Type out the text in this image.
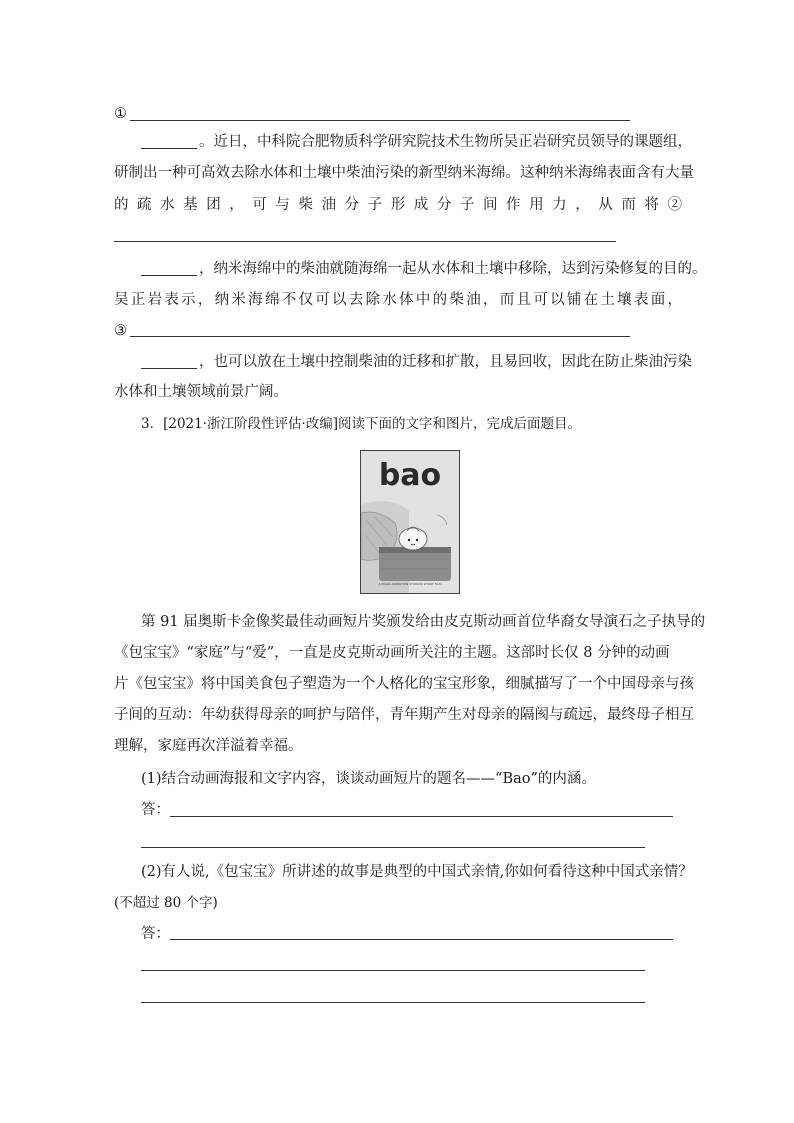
①
。近日，中科院合肥物质科学研究院技术生物所吴正岩研究员领导的课题组，
研制出一种可高效去除水体和土壤中柴油污染的新型纳米海绵。这种纳米海绵表面含有大量
的疏水基团，可与柴油分子形成分子间作用力，从而将②
，纳米海绵中的柴油就随海绵一起从水体和土壤中移除，达到污染修复的目的。
吴正岩表示，纳米海绵不仅可以去除水体中的柴油，而且可以铺在土壤表面，
③
，也可以放在土壤中控制柴油的迁移和扩散，且易回收，因此在防止柴油污染
水体和土壤领域前景广阔。
3．[2021·浙江阶段性评估·改编]阅读下面的文字和图片，完成后面题目。
bao
A PIXAR ANIMATION STUDIOS SHORT FILM
第 91 届奥斯卡金像奖最佳动画短片奖颁发给由皮克斯动画首位华裔女导演石之子执导的
《包宝宝》“家庭”与“爱”，一直是皮克斯动画所关注的主题。这部时长仅 8 分钟的动画
片《包宝宝》将中国美食包子塑造为一个人格化的宝宝形象，细腻描写了一个中国母亲与孩
子间的互动：年幼获得母亲的呵护与陪伴，青年期产生对母亲的隔阂与疏远，最终母子相互
理解，家庭再次洋溢着幸福。
(1)结合动画海报和文字内容，谈谈动画短片的题名——“Bao”的内涵。
答：
(2)有人说,《包宝宝》所讲述的故事是典型的中国式亲情,你如何看待这种中国式亲情？
(不超过 80 个字)
答：
